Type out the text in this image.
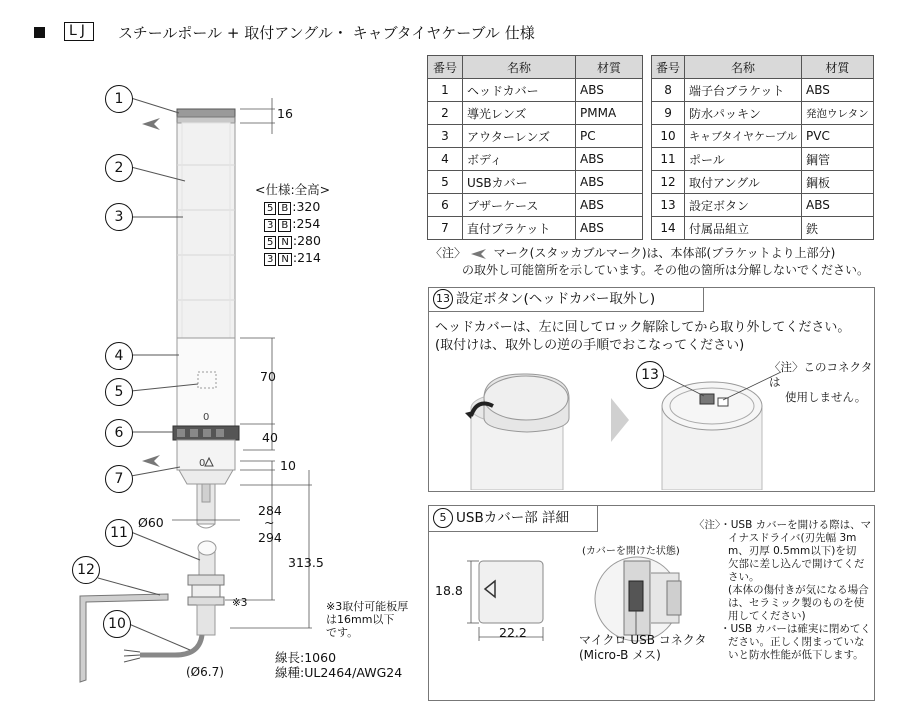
LJ	スチールポール + 取付アングル・ キャブタイヤケーブル 仕様
0
0
1
2
3
4
5
6
7
11
12
10
16
70
40
10
284
~
294
313.5
Ø60
(Ø6.7)
※3
<仕様:全高>
5 B :320
3 B :254
5 N :280
3 N :214
※3取付可能板厚
は16mm以下
です。
線長:1060
線種:UL2464/AWG24
番号	名称	材質
1	ヘッドカバー	ABS
2	導光レンズ	PMMA
3	アウターレンズ	PC
4	ボディ	ABS
5	USBカバー	ABS
6	ブザーケース	ABS
7	直付ブラケット	ABS
番号	名称	材質
8	端子台ブラケット	ABS
9	防水パッキン	発泡ウレタン
10	キャブタイヤケーブル	PVC
11	ポール	鋼管
12	取付アングル	鋼板
13	設定ボタン	ABS
14	付属品組立	鉄
〈注〉 マーク(スタッカブルマーク)は、本体部(ブラケットより上部分)
の取外し可能箇所を示しています。その他の箇所は分解しないでください。
13 設定ボタン(ヘッドカバー取外し)
ヘッドカバーは、左に回してロック解除してから取り外してください。
(取付けは、取外しの逆の手順でおこなってください)
13	〈注〉このコネクタは
使用しません。
5 USBカバー部 詳細
18.8
22.2
(カバーを開けた状態)
マイクロ USB コネクタ
(Micro-B メス)
〈注〉・USB カバーを開ける際は、マ
イナスドライバ(刃先幅 3m
m、刃厚 0.5mm以下)を切
欠部に差し込んで開けてくだ
さい。
(本体の傷付きが気になる場合
は、セラミック製のものを使
用してください)
・USB カバーは確実に閉めてく
ださい。正しく閉まっていな
いと防水性能が低下します。
